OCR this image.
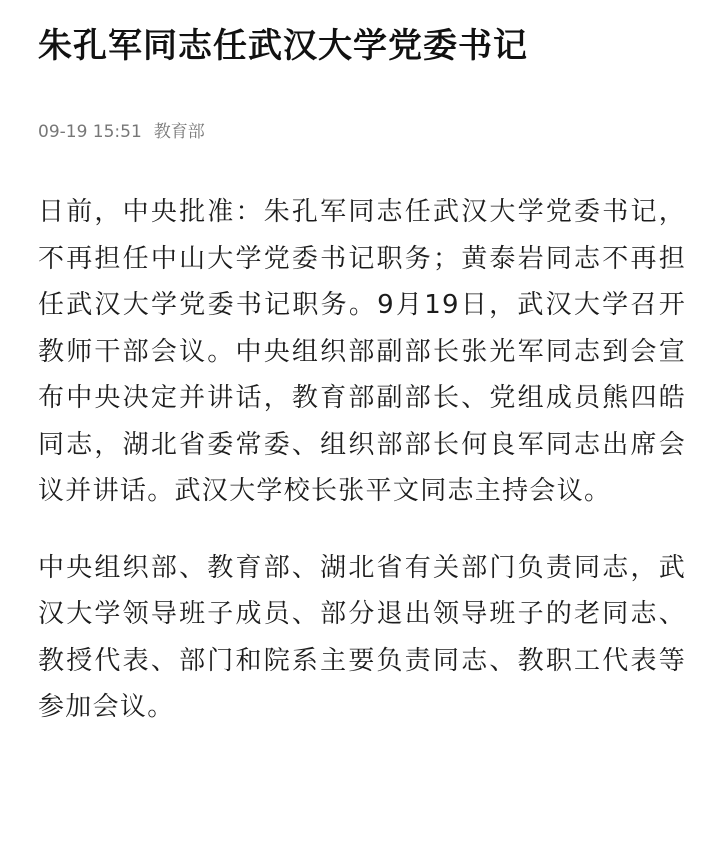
朱孔军同志任武汉大学党委书记
09-19 15:51 教育部

日前，中央批准：朱孔军同志任武汉大学党委书记，不再担任中山大学党委书记职务；黄泰岩同志不再担任武汉大学党委书记职务。9月19日，武汉大学召开教师干部会议。中央组织部副部长张光军同志到会宣布中央决定并讲话，教育部副部长、党组成员熊四皓同志，湖北省委常委、组织部部长何良军同志出席会议并讲话。武汉大学校长张平文同志主持会议。

中央组织部、教育部、湖北省有关部门负责同志，武汉大学领导班子成员、部分退出领导班子的老同志、教授代表、部门和院系主要负责同志、教职工代表等参加会议。
